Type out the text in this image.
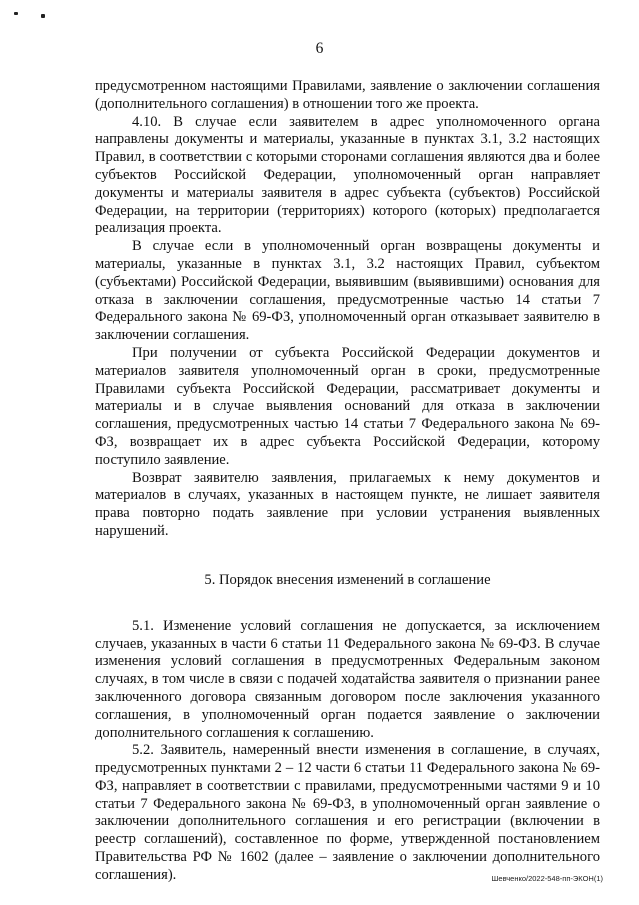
6

предусмотренном настоящими Правилами, заявление о заключении соглашения (дополнительного соглашения) в отношении того же проекта.

4.10. В случае если заявителем в адрес уполномоченного органа направлены документы и материалы, указанные в пунктах 3.1, 3.2 настоящих Правил, в соответствии с которыми сторонами соглашения являются два и более субъектов Российской Федерации, уполномоченный орган направляет документы и материалы заявителя в адрес субъекта (субъектов) Российской Федерации, на территории (территориях) которого (которых) предполагается реализация проекта.

В случае если в уполномоченный орган возвращены документы и материалы, указанные в пунктах 3.1, 3.2 настоящих Правил, субъектом (субъектами) Российской Федерации, выявившим (выявившими) основания для отказа в заключении соглашения, предусмотренные частью 14 статьи 7 Федерального закона № 69-ФЗ, уполномоченный орган отказывает заявителю в заключении соглашения.

При получении от субъекта Российской Федерации документов и материалов заявителя уполномоченный орган в сроки, предусмотренные Правилами субъекта Российской Федерации, рассматривает документы и материалы и в случае выявления оснований для отказа в заключении соглашения, предусмотренных частью 14 статьи 7 Федерального закона № 69-ФЗ, возвращает их в адрес субъекта Российской Федерации, которому поступило заявление.

Возврат заявителю заявления, прилагаемых к нему документов и материалов в случаях, указанных в настоящем пункте, не лишает заявителя права повторно подать заявление при условии устранения выявленных нарушений.

5. Порядок внесения изменений в соглашение

5.1. Изменение условий соглашения не допускается, за исключением случаев, указанных в части 6 статьи 11 Федерального закона № 69-ФЗ. В случае изменения условий соглашения в предусмотренных Федеральным законом случаях, в том числе в связи с подачей ходатайства заявителя о признании ранее заключенного договора связанным договором после заключения указанного соглашения, в уполномоченный орган подается заявление о заключении дополнительного соглашения к соглашению.

5.2. Заявитель, намеренный внести изменения в соглашение, в случаях, предусмотренных пунктами 2 – 12 части 6 статьи 11 Федерального закона № 69-ФЗ, направляет в соответствии с правилами, предусмотренными частями 9 и 10 статьи 7 Федерального закона № 69-ФЗ, в уполномоченный орган заявление о заключении дополнительного соглашения и его регистрации (включении в реестр соглашений), составленное по форме, утвержденной постановлением Правительства РФ № 1602 (далее – заявление о заключении дополнительного соглашения).	Шевченко/2022-548-пп-ЭКОН(1)
